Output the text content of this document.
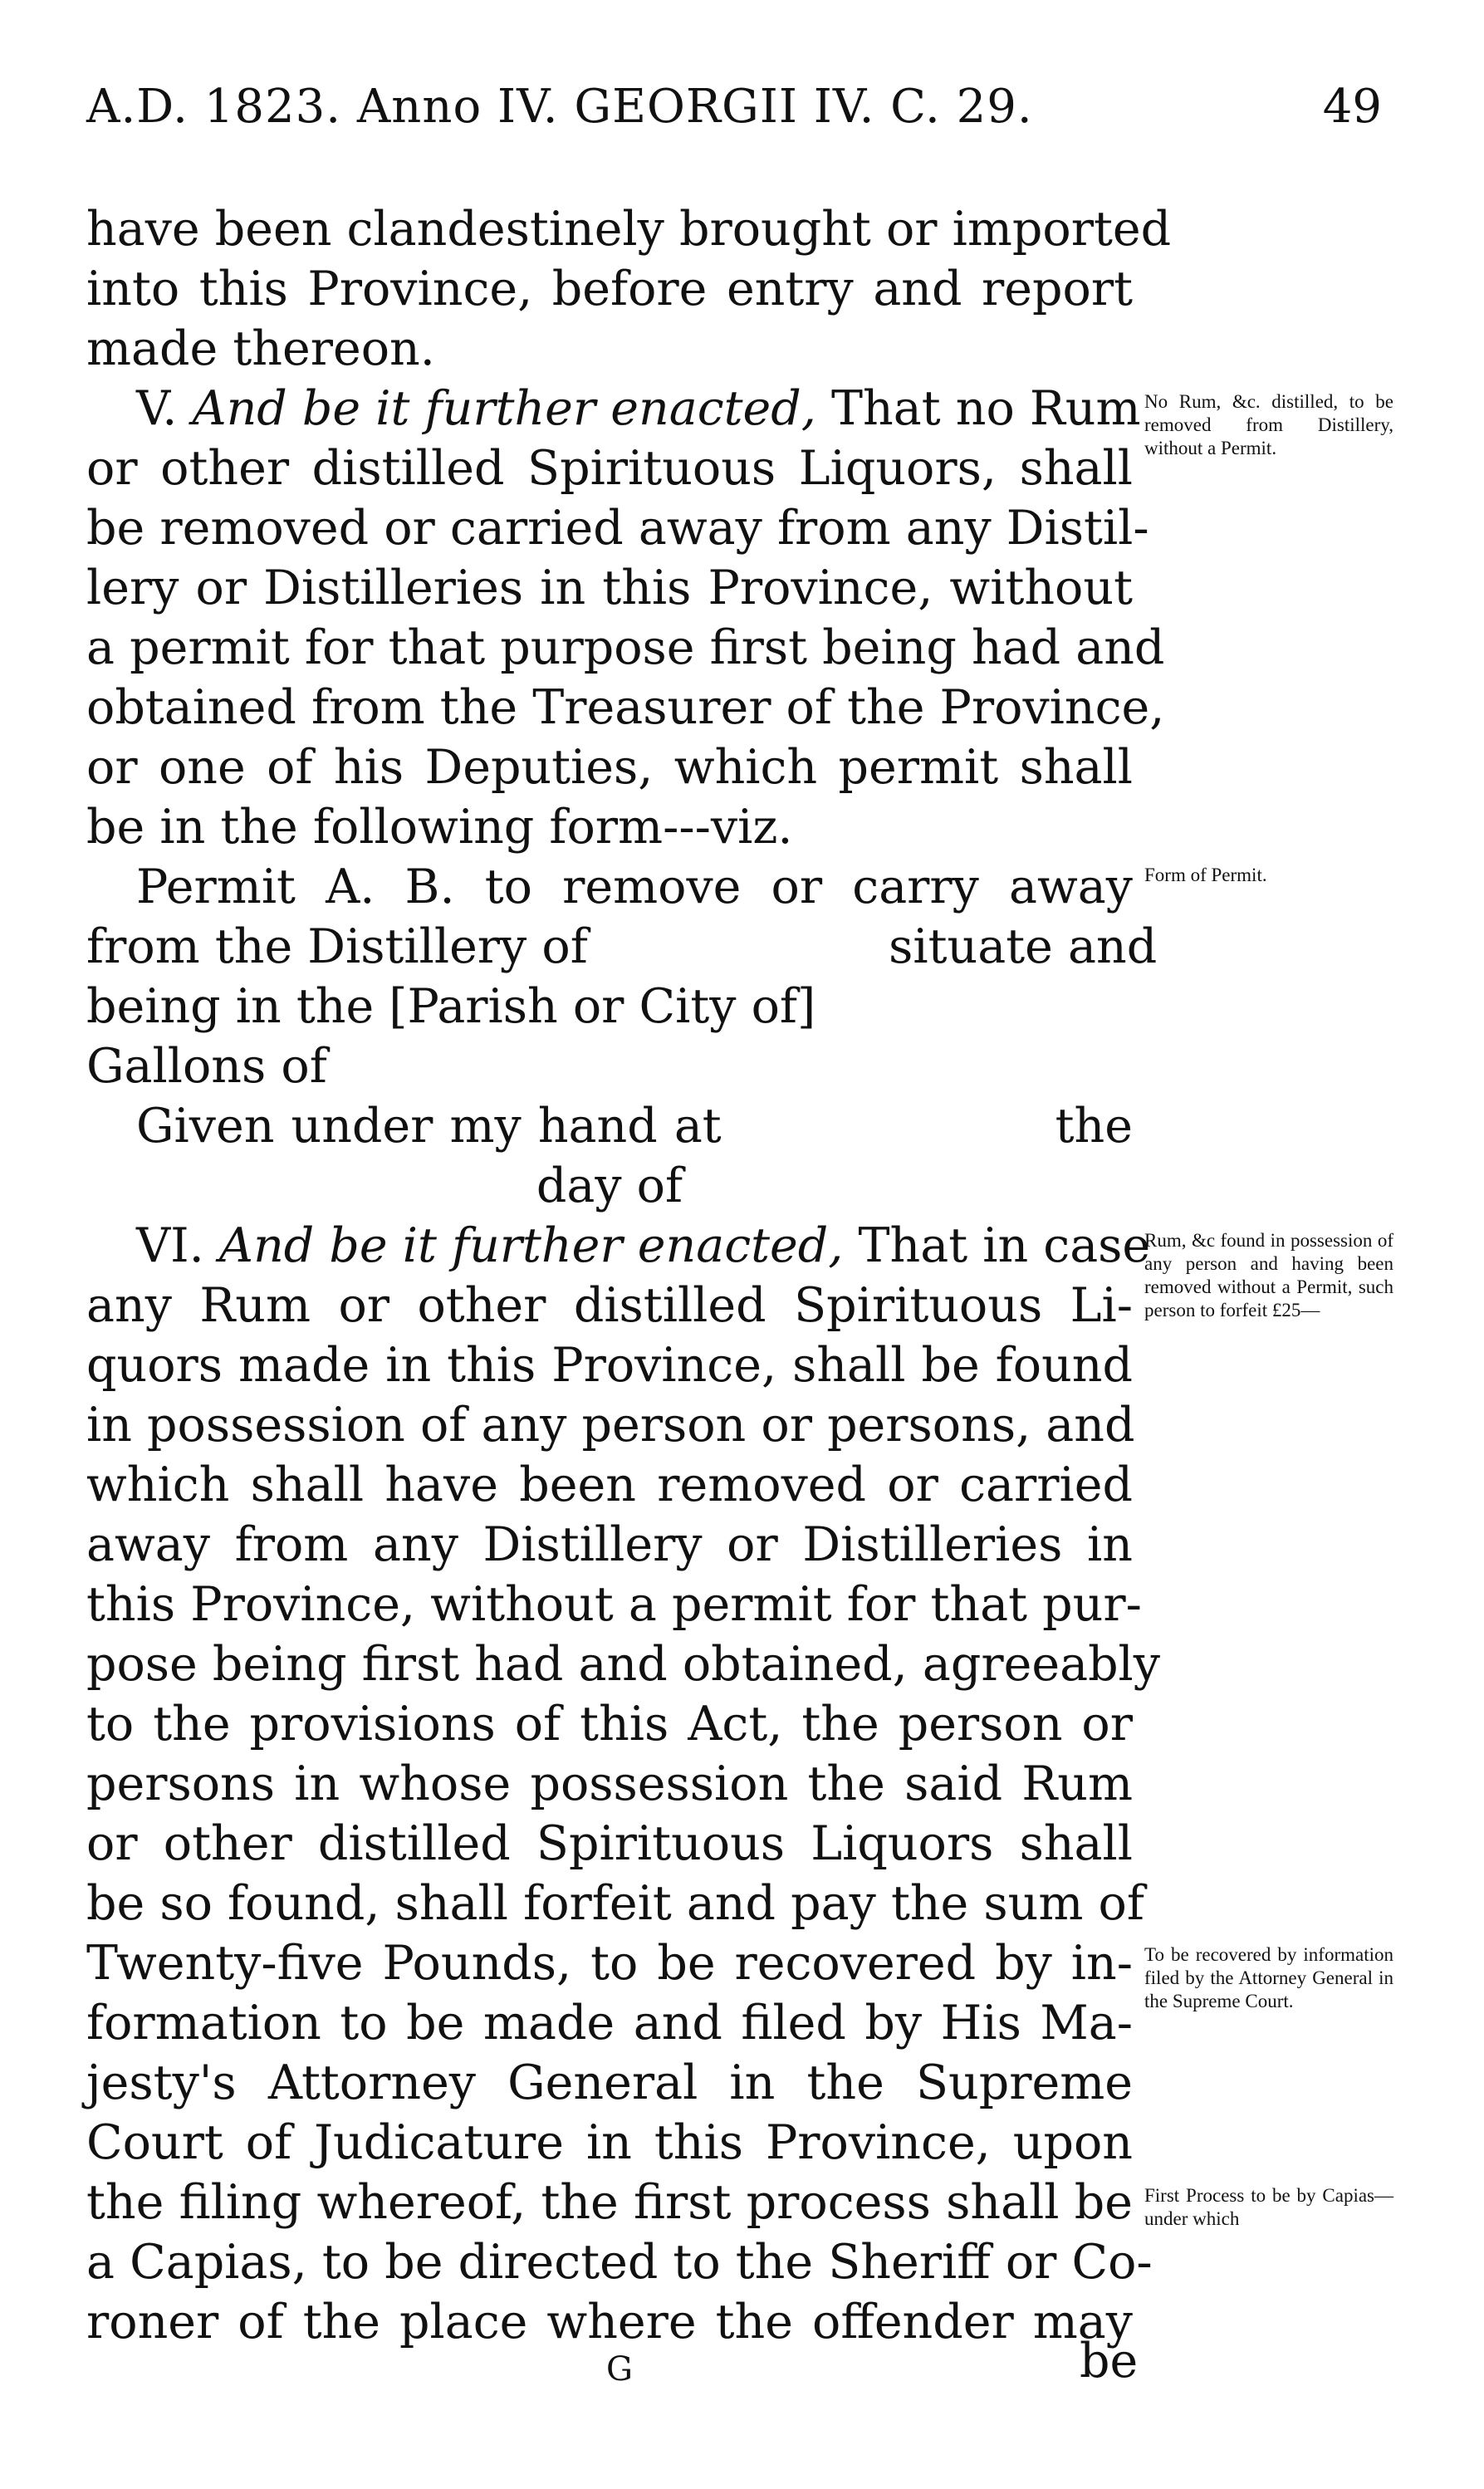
A.D. 1823. Anno IV. GEORGII IV. C. 29.	49
have been clandestinely brought or imported
into this Province, before entry and report
made thereon.
V. And be it further enacted, That no Rum
or other distilled Spirituous Liquors, shall
be removed or carried away from any Distil-
lery or Distilleries in this Province, without
a permit for that purpose first being had and
obtained from the Treasurer of the Province,
or one of his Deputies, which permit shall
be in the following form---viz.
Permit A. B. to remove or carry away
from the Distillery of                    situate and
being in the [Parish or City of]
Gallons of
Given under my hand at                    the
day of
VI. And be it further enacted, That in case
any Rum or other distilled Spirituous Li-
quors made in this Province, shall be found
in possession of any person or persons, and
which shall have been removed or carried
away from any Distillery or Distilleries in
this Province, without a permit for that pur-
pose being first had and obtained, agreeably
to the provisions of this Act, the person or
persons in whose possession the said Rum
or other distilled Spirituous Liquors shall
be so found, shall forfeit and pay the sum of
Twenty-five Pounds, to be recovered by in-
formation to be made and filed by His Ma-
jesty's Attorney General in the Supreme
Court of Judicature in this Province, upon
the filing whereof, the first process shall be
a Capias, to be directed to the Sheriff or Co-
roner of the place where the offender may
No Rum, &c. distilled, to be removed from Distillery, without a Permit.
Form of Permit.
Rum, &c found in possession of any person and having been removed without a Permit, such person to forfeit £25—
To be recovered by information filed by the Attorney General in the Supreme Court.
First Process to be by Capias—under which
G	be
